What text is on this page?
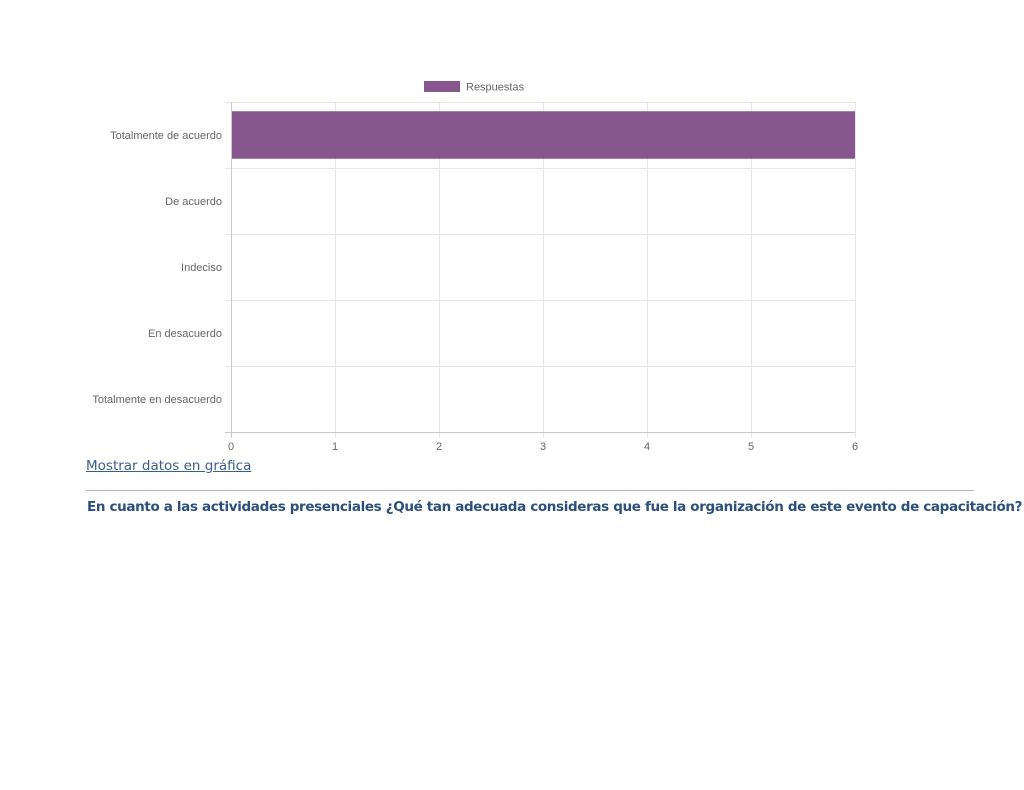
0	1	2	3	4	5	6
Totalmente de acuerdo
De acuerdo
Indeciso
En desacuerdo
Totalmente en desacuerdo
Respuestas
Mostrar datos en gráfica
En cuanto a las actividades presenciales ¿Qué tan adecuada consideras que fue la organización de este evento de capacitación?
